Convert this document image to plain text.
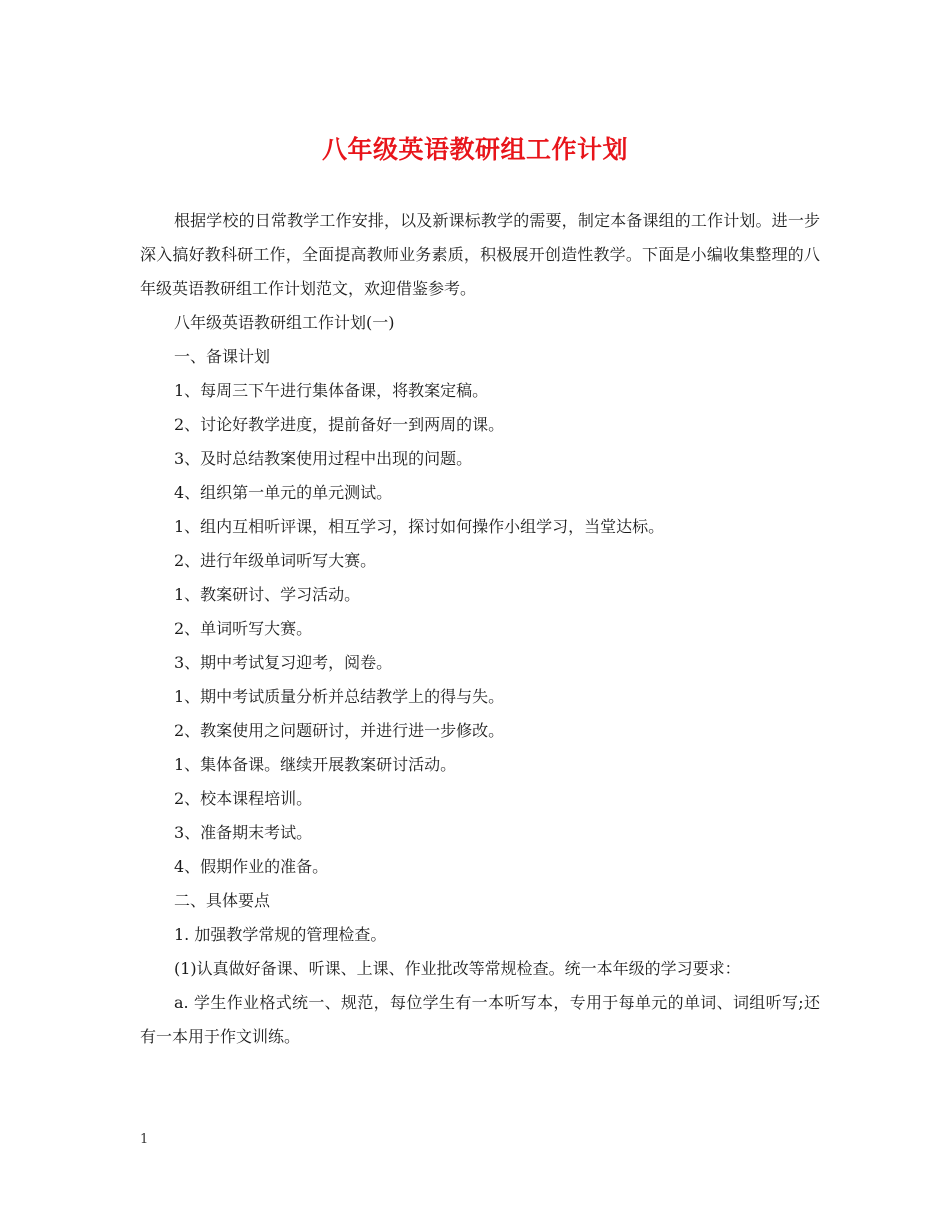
八年级英语教研组工作计划

根据学校的日常教学工作安排，以及新课标教学的需要，制定本备课组的工作计划。进一步深入搞好教科研工作，全面提高教师业务素质，积极展开创造性教学。下面是小编收集整理的八年级英语教研组工作计划范文，欢迎借鉴参考。

八年级英语教研组工作计划(一)

一、备课计划

1、每周三下午进行集体备课，将教案定稿。

2、讨论好教学进度，提前备好一到两周的课。

3、及时总结教案使用过程中出现的问题。

4、组织第一单元的单元测试。

1、组内互相听评课，相互学习，探讨如何操作小组学习，当堂达标。

2、进行年级单词听写大赛。

1、教案研讨、学习活动。

2、单词听写大赛。

3、期中考试复习迎考，阅卷。

1、期中考试质量分析并总结教学上的得与失。

2、教案使用之问题研讨，并进行进一步修改。

1、集体备课。继续开展教案研讨活动。

2、校本课程培训。

3、准备期末考试。

4、假期作业的准备。

二、具体要点

1. 加强教学常规的管理检查。

(1)认真做好备课、听课、上课、作业批改等常规检查。统一本年级的学习要求：

a. 学生作业格式统一、规范，每位学生有一本听写本，专用于每单元的单词、词组听写;还有一本用于作文训练。

1
